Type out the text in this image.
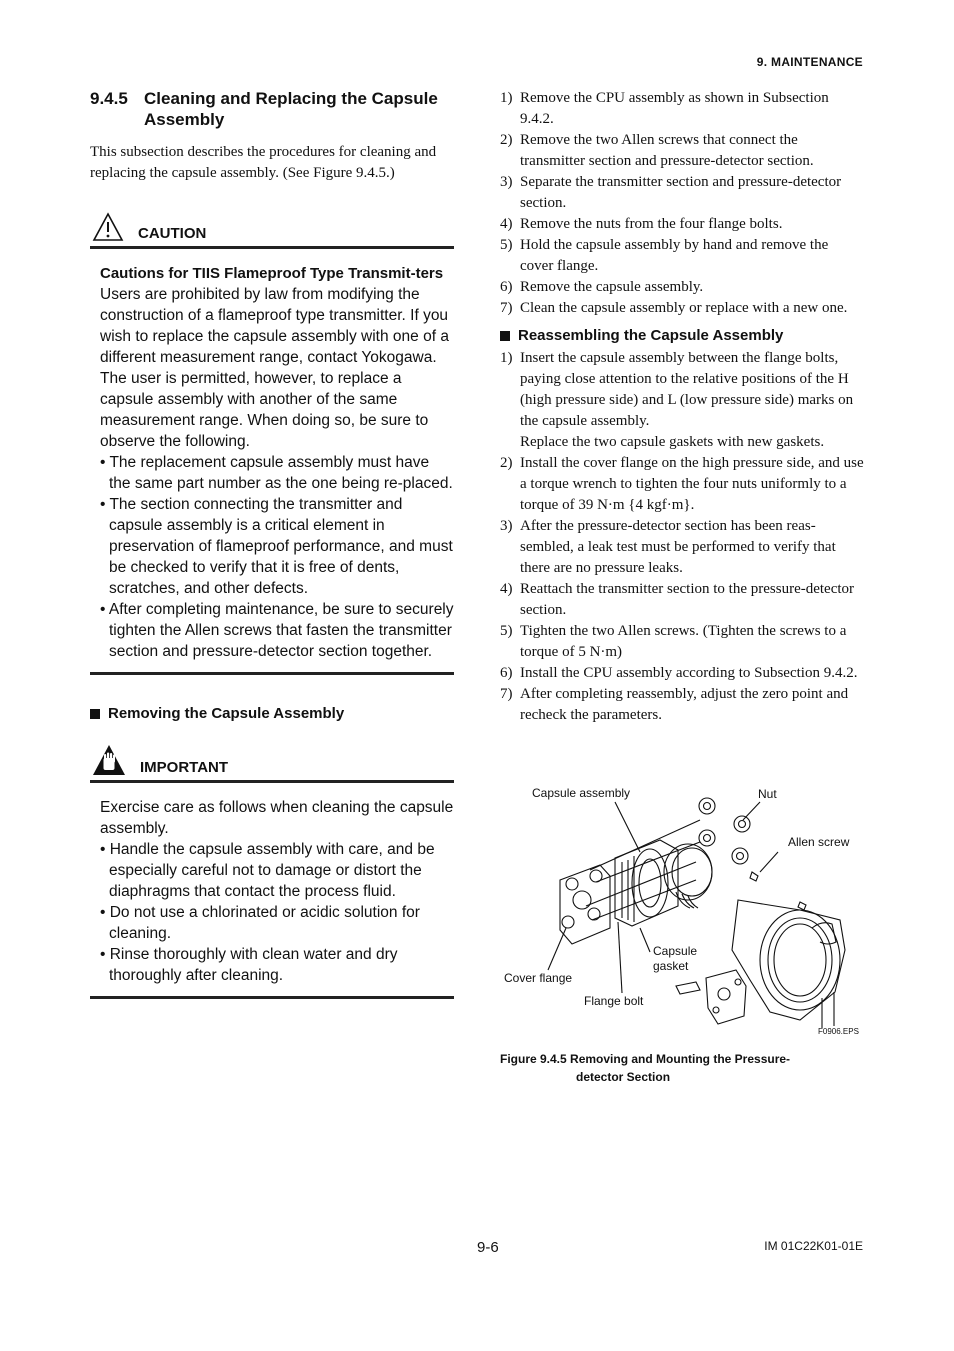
9. MAINTENANCE
9.4.5 Cleaning and Replacing the Capsule Assembly
This subsection describes the procedures for cleaning and replacing the capsule assembly. (See Figure 9.4.5.)
CAUTION
Cautions for TIIS Flameproof Type Transmit-ters
Users are prohibited by law from modifying the construction of a flameproof type transmitter. If you wish to replace the capsule assembly with one of a different measurement range, contact Yokogawa.
The user is permitted, however, to replace a capsule assembly with another of the same measurement range. When doing so, be sure to observe the following.
• The replacement capsule assembly must have the same part number as the one being re-placed.
• The section connecting the transmitter and capsule assembly is a critical element in preservation of flameproof performance, and must be checked to verify that it is free of dents, scratches, and other defects.
• After completing maintenance, be sure to securely tighten the Allen screws that fasten the transmitter section and pressure-detector section together.
Removing the Capsule Assembly
IMPORTANT
Exercise care as follows when cleaning the capsule assembly.
• Handle the capsule assembly with care, and be especially careful not to damage or distort the diaphragms that contact the process fluid.
• Do not use a chlorinated or acidic solution for cleaning.
• Rinse thoroughly with clean water and dry thoroughly after cleaning.
1) Remove the CPU assembly as shown in Subsection 9.4.2.
2) Remove the two Allen screws that connect the transmitter section and pressure-detector section.
3) Separate the transmitter section and pressure-detector section.
4) Remove the nuts from the four flange bolts.
5) Hold the capsule assembly by hand and remove the cover flange.
6) Remove the capsule assembly.
7) Clean the capsule assembly or replace with a new one.
Reassembling the Capsule Assembly
1) Insert the capsule assembly between the flange bolts, paying close attention to the relative positions of the H (high pressure side) and L (low pressure side) marks on the capsule assembly.
Replace the two capsule gaskets with new gaskets.
2) Install the cover flange on the high pressure side, and use a torque wrench to tighten the four nuts uniformly to a torque of 39 N·m {4 kgf·m}.
3) After the pressure-detector section has been reas-sembled, a leak test must be performed to verify that there are no pressure leaks.
4) Reattach the transmitter section to the pressure-detector section.
5) Tighten the two Allen screws. (Tighten the screws to a torque of 5 N·m)
6) Install the CPU assembly according to Subsection 9.4.2.
7) After completing reassembly, adjust the zero point and recheck the parameters.
Capsule assembly	Nut
Allen screw
Capsule
gasket
Cover flange
Flange bolt
F0906.EPS
Figure 9.4.5 Removing and Mounting the Pressure-
detector Section
9-6	IM 01C22K01-01E
